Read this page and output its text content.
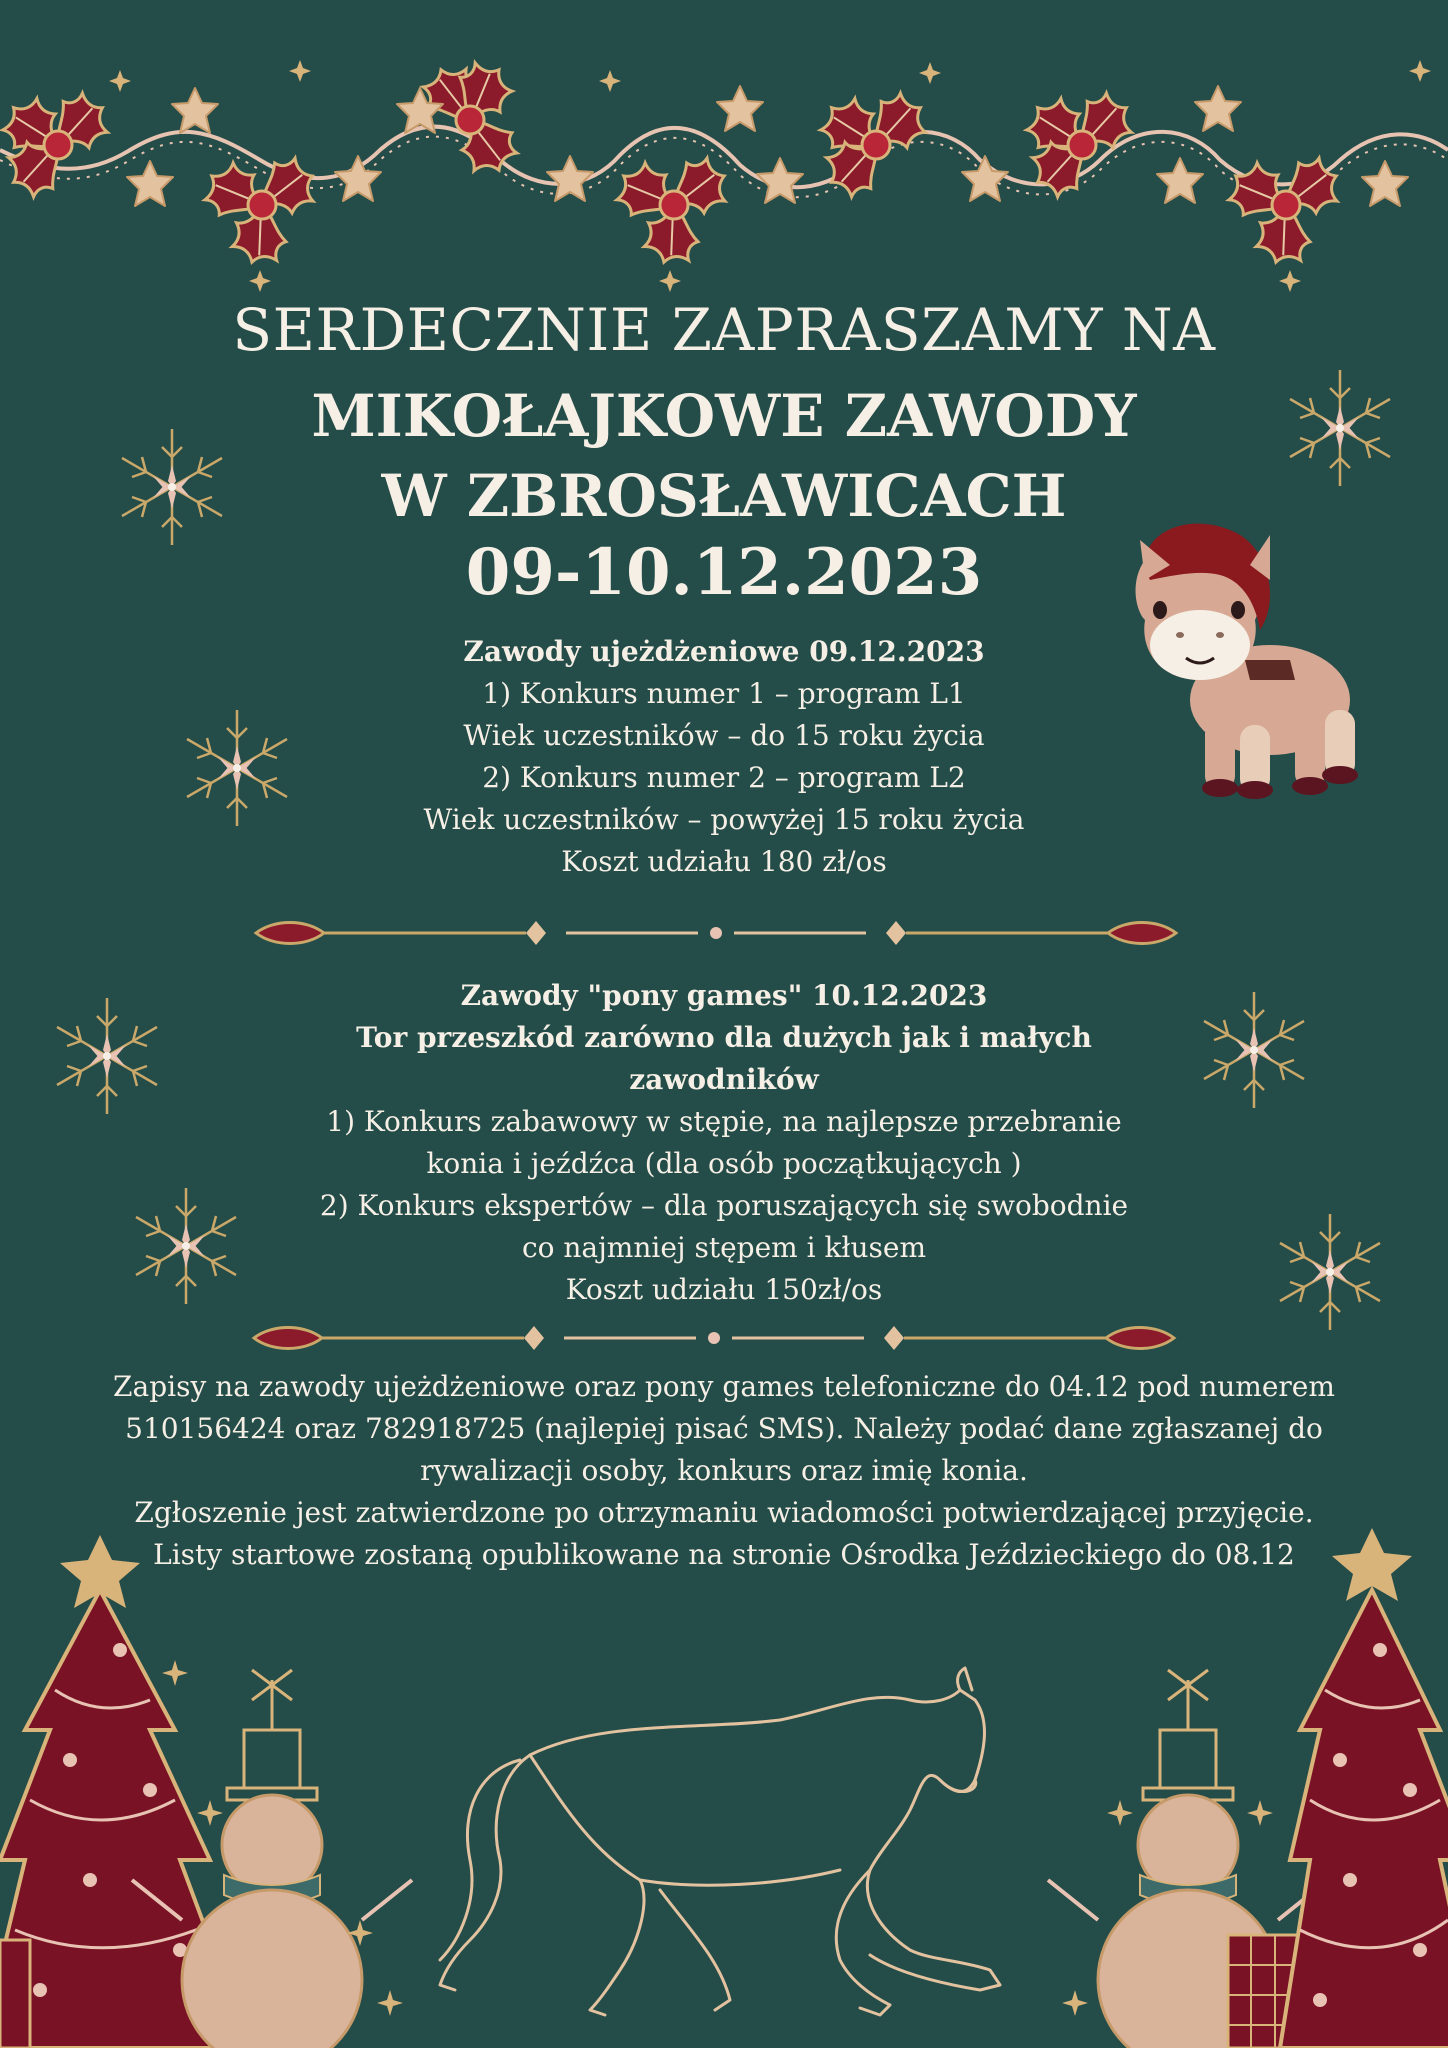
SERDECZNIE ZAPRASZAMY NA
MIKOŁAJKOWE ZAWODY
W ZBROSŁAWICACH
09-10.12.2023

Zawody ujeżdżeniowe 09.12.2023

1) Konkurs numer 1 – program L1

Wiek uczestników – do 15 roku życia

2) Konkurs numer 2 – program L2

Wiek uczestników – powyżej 15 roku życia

Koszt udziału 180 zł/os

Zawody "pony games" 10.12.2023

Tor przeszkód zarówno dla dużych jak i małych

zawodników

1) Konkurs zabawowy w stępie, na najlepsze przebranie

konia i jeźdźca (dla osób początkujących )

2) Konkurs ekspertów – dla poruszających się swobodnie

co najmniej stępem i kłusem

Koszt udziału 150zł/os

Zapisy na zawody ujeżdżeniowe oraz pony games telefoniczne do 04.12 pod numerem

510156424 oraz 782918725 (najlepiej pisać SMS). Należy podać dane zgłaszanej do

rywalizacji osoby, konkurs oraz imię konia.

Zgłoszenie jest zatwierdzone po otrzymaniu wiadomości potwierdzającej przyjęcie.

Listy startowe zostaną opublikowane na stronie Ośrodka Jeździeckiego do 08.12
